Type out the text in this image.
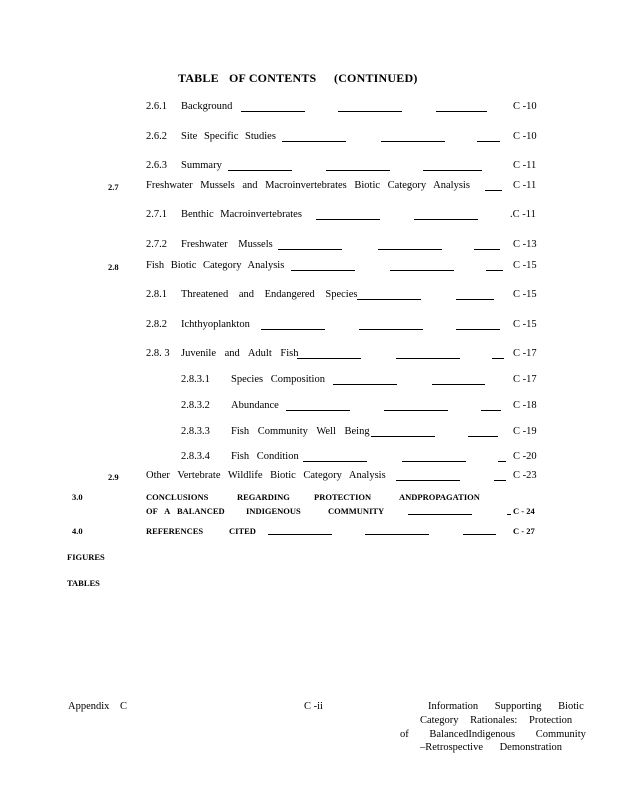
TABLE OF CONTENTS (CONTINUED)
2.6.1 Background	C -10
2.6.2 Site Specific Studies	C -10
2.6.3 Summary	C -11
2.7	Freshwater Mussels and Macroinvertebrates Biotic Category Analysis	C -11
2.7.1 Benthic Macroinvertebrates	.C -11
2.7.2 Freshwater Mussels	C -13
2.8	Fish Biotic Category Analysis	C -15
2.8.1 Threatened and Endangered Species	C -15
2.8.2 Ichthyoplankton	C -15
2.8. 3 Juvenile and Adult Fish	C -17
2.8.3.1 Species Composition	C -17
2.8.3.2 Abundance	C -18
2.8.3.3 Fish Community Well Being	C -19
2.8.3.4 Fish Condition	C -20
2.9	Other Vertebrate Wildlife Biotic Category Analysis	C -23
3.0	CONCLUSIONS	REGARDING	PROTECTION	ANDPROPAGATION
OF A BALANCED	INDIGENOUS	COMMUNITY	C - 24
4.0	REFERENCES	CITED	C - 27
FIGURES
TABLES
Appendix C	C -ii	Information Supporting Biotic
Category Rationales: Protection
of BalancedIndigenous Community
–Retrospective Demonstration
